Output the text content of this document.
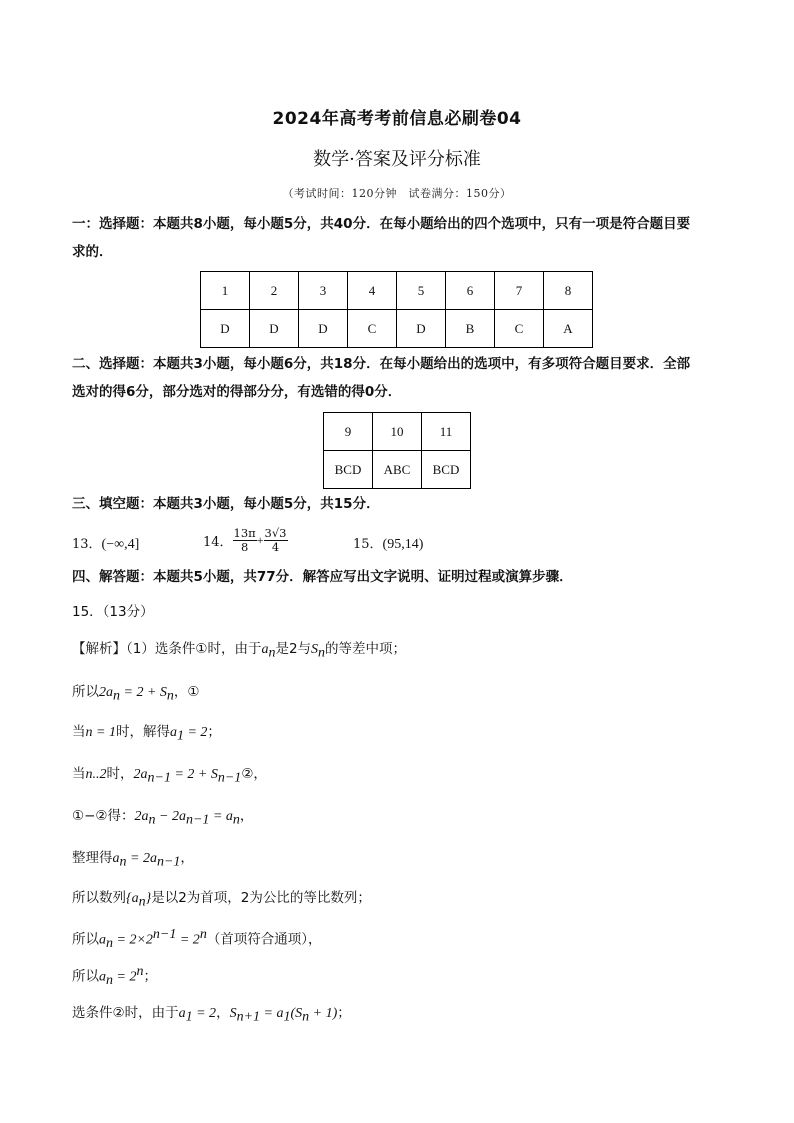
2024年高考考前信息必刷卷04
数学·答案及评分标准
（考试时间：120分钟　试卷满分：150分）
一：选择题：本题共8小题，每小题5分，共40分．在每小题给出的四个选项中，只有一项是符合题目要
求的．
1	2	3	4	5	6	7	8
D	D	D	C	D	B	C	A
二、选择题：本题共3小题，每小题6分，共18分．在每小题给出的选项中，有多项符合题目要求．全部
选对的得6分，部分选对的得部分分，有选错的得0分．
9	10	11
BCD	ABC	BCD
三、填空题：本题共3小题，每小题5分，共15分．
13．(−∞,4]	14． $\frac{13\pi}{8} + \frac{3√3}{4}$	15．(95,14)
四、解答题：本题共5小题，共77分．解答应写出文字说明、证明过程或演算步骤．
15．（13分）
【解析】（1）选条件①时，由于$a_n$是2与$S_n$的等差中项；
所以$2a_n = 2 + S_n$，①
当n = 1时，解得$a_1 = 2$；
当n..2时，$2a_{n-1} = 2$ + $S_{n-1}②$，
①−②得：$2a_n - 2a_{n-1} = a_n$，
整理得$a_n = 2a_{n-1}$，
所以数列$\{a_n\}$是以2为首项，2为公比的等比数列；
所以$a_n = 2\times 2^{n-1} = 2^n$（首项符合通项），
所以$a_n = 2^n$；
选条件②时，由于$a_1 = 2$，$S_{n+1} = a_1(S_n + 1)$；
